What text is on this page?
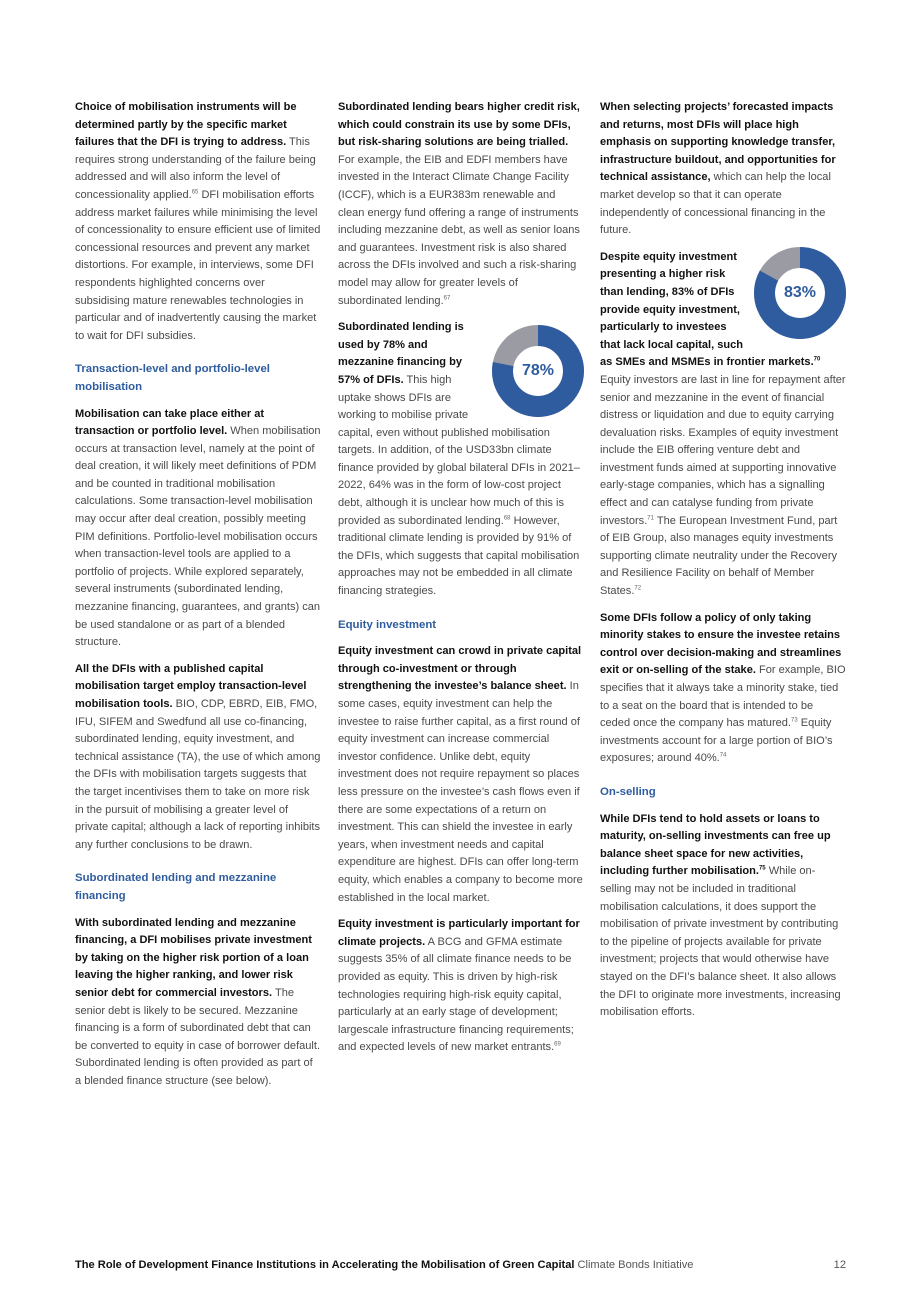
Choice of mobilisation instruments will be determined partly by the specific market failures that the DFI is trying to address. This requires strong understanding of the failure being addressed and will also inform the level of concessionality applied.$^{65}$ DFI mobilisation efforts address market failures while minimising the level of concessionality to ensure efficient use of limited concessional resources and prevent any market distortions. For example, in interviews, some DFI respondents highlighted concerns over subsidising mature renewables technologies in particular and of inadvertently causing the market to wait for DFI subsidies.

Transaction-level and portfolio-level mobilisation

Mobilisation can take place either at transaction or portfolio level. When mobilisation occurs at transaction level, namely at the point of deal creation, it will likely meet definitions of PDM and be counted in traditional mobilisation calculations. Some transaction-level mobilisation may occur after deal creation, possibly meeting PIM definitions. Portfolio-level mobilisation occurs when transaction-level tools are applied to a portfolio of projects. While explored separately, several instruments (subordinated lending, mezzanine financing, guarantees, and grants) can be used standalone or as part of a blended structure.

All the DFIs with a published capital mobilisation target employ transaction-level mobilisation tools. BIO, CDP, EBRD, EIB, FMO, IFU, SIFEM and Swedfund all use co-financing, subordinated lending, equity investment, and technical assistance (TA), the use of which among the DFIs with mobilisation targets suggests that the target incentivises them to take on more risk in the pursuit of mobilising a greater level of private capital; although a lack of reporting inhibits any further conclusions to be drawn.

Subordinated lending and mezzanine financing

With subordinated lending and mezzanine financing, a DFI mobilises private investment by taking on the higher risk portion of a loan leaving the higher ranking, and lower risk senior debt for commercial investors. The senior debt is likely to be secured. Mezzanine financing is a form of subordinated debt that can be converted to equity in case of borrower default. Subordinated lending is often provided as part of a blended finance structure (see below).

Subordinated lending bears higher credit risk, which could constrain its use by some DFIs, but risk-sharing solutions are being trialled. For example, the EIB and EDFI members have invested in the Interact Climate Change Facility (ICCF), which is a EUR383m renewable and clean energy fund offering a range of instruments including mezzanine debt, as well as senior loans and guarantees. Investment risk is also shared across the DFIs involved and such a risk-sharing model may allow for greater levels of subordinated lending.$^{67}$

78%
Subordinated lending is used by 78% and mezzanine financing by 57% of DFIs. This high uptake shows DFIs are working to mobilise private capital, even without published mobilisation targets. In addition, of the USD33bn climate finance provided by global bilateral DFIs in 2021–2022, 64% was in the form of low-cost project debt, although it is unclear how much of this is provided as subordinated lending.$^{68}$ However, traditional climate lending is provided by 91% of the DFIs, which suggests that capital mobilisation approaches may not be embedded in all climate financing strategies.

Equity investment

Equity investment can crowd in private capital through co-investment or through strengthening the investee’s balance sheet. In some cases, equity investment can help the investee to raise further capital, as a first round of equity investment can increase commercial investor confidence. Unlike debt, equity investment does not require repayment so places less pressure on the investee’s cash flows even if there are some expectations of a return on investment. This can shield the investee in early years, when investment needs and capital expenditure are highest. DFIs can offer long-term equity, which enables a company to become more established in the local market.

Equity investment is particularly important for climate projects. A BCG and GFMA estimate suggests 35% of all climate finance needs to be provided as equity. This is driven by high-risk technologies requiring high-risk equity capital, particularly at an early stage of development; largescale infrastructure financing requirements; and expected levels of new market entrants.$^{69}$

When selecting projects’ forecasted impacts and returns, most DFIs will place high emphasis on supporting knowledge transfer, infrastructure buildout, and opportunities for technical assistance, which can help the local market develop so that it can operate independently of concessional financing in the future.

83%
Despite equity investment presenting a higher risk than lending, 83% of DFIs provide equity investment, particularly to investees that lack local capital, such as SMEs and MSMEs in frontier markets.$^{70}$ Equity investors are last in line for repayment after senior and mezzanine in the event of financial distress or liquidation and due to equity carrying devaluation risks. Examples of equity investment include the EIB offering venture debt and investment funds aimed at supporting innovative early-stage companies, which has a signalling effect and can catalyse funding from private investors.$^{71}$ The European Investment Fund, part of EIB Group, also manages equity investments supporting climate neutrality under the Recovery and Resilience Facility on behalf of Member States.$^{72}$

Some DFIs follow a policy of only taking minority stakes to ensure the investee retains control over decision-making and streamlines exit or on-selling of the stake. For example, BIO specifies that it always take a minority stake, tied to a seat on the board that is intended to be ceded once the company has matured.$^{73}$ Equity investments account for a large portion of BIO’s exposures; around 40%.$^{74}$

On-selling

While DFIs tend to hold assets or loans to maturity, on-selling investments can free up balance sheet space for new activities, including further mobilisation.$^{75}$ While on-selling may not be included in traditional mobilisation calculations, it does support the mobilisation of private investment by contributing to the pipeline of projects available for private investment; projects that would otherwise have stayed on the DFI’s balance sheet. It also allows the DFI to originate more investments, increasing mobilisation efforts.

The Role of Development Finance Institutions in Accelerating the Mobilisation of Green Capital Climate Bonds Initiative	12
